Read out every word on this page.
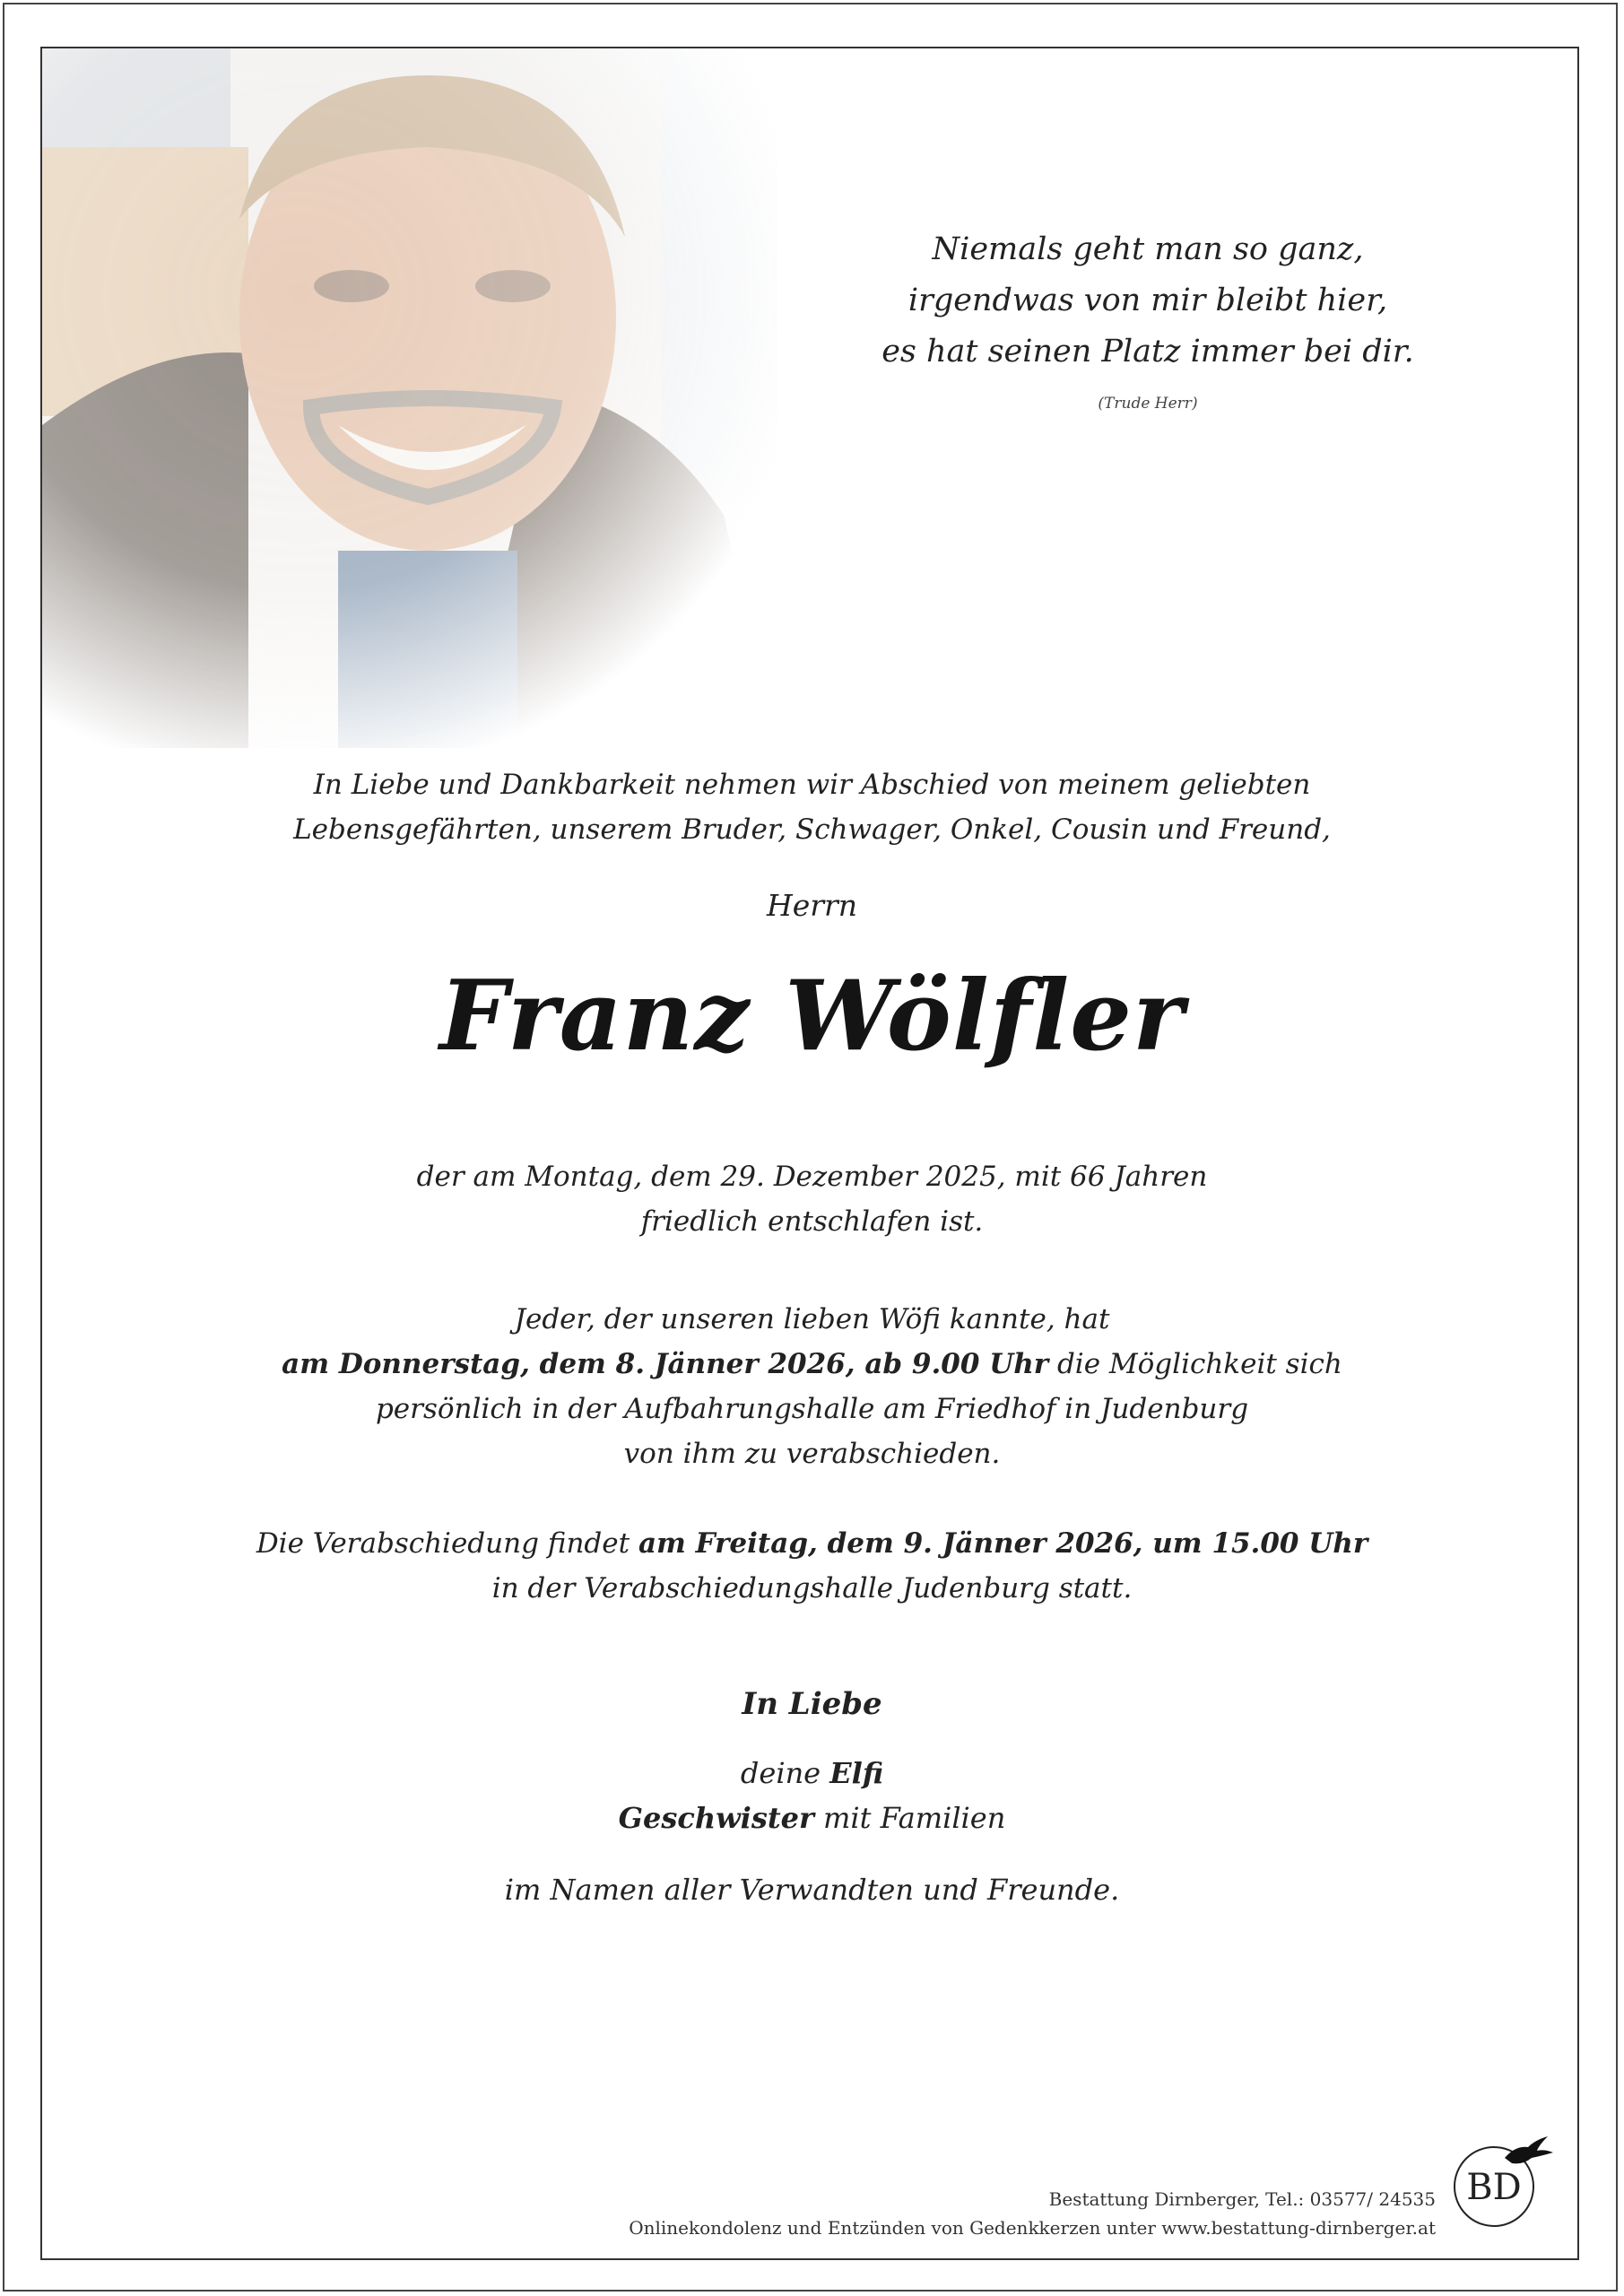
Niemals geht man so ganz,
irgendwas von mir bleibt hier,
es hat seinen Platz immer bei dir.
(Trude Herr)
In Liebe und Dankbarkeit nehmen wir Abschied von meinem geliebten
Lebensgefährten, unserem Bruder, Schwager, Onkel, Cousin und Freund,
Herrn
Franz Wölfler
der am Montag, dem 29. Dezember 2025, mit 66 Jahren
friedlich entschlafen ist.
Jeder, der unseren lieben Wöfi kannte, hat
am Donnerstag, dem 8. Jänner 2026, ab 9.00 Uhr die Möglichkeit sich
persönlich in der Aufbahrungshalle am Friedhof in Judenburg
von ihm zu verabschieden.
Die Verabschiedung findet am Freitag, dem 9. Jänner 2026, um 15.00 Uhr
in der Verabschiedungshalle Judenburg statt.
In Liebe
deine Elfi
Geschwister mit Familien
im Namen aller Verwandten und Freunde.
Bestattung Dirnberger, Tel.: 03577/ 24535
Onlinekondolenz und Entzünden von Gedenkkerzen unter www.bestattung-dirnberger.at
BD
